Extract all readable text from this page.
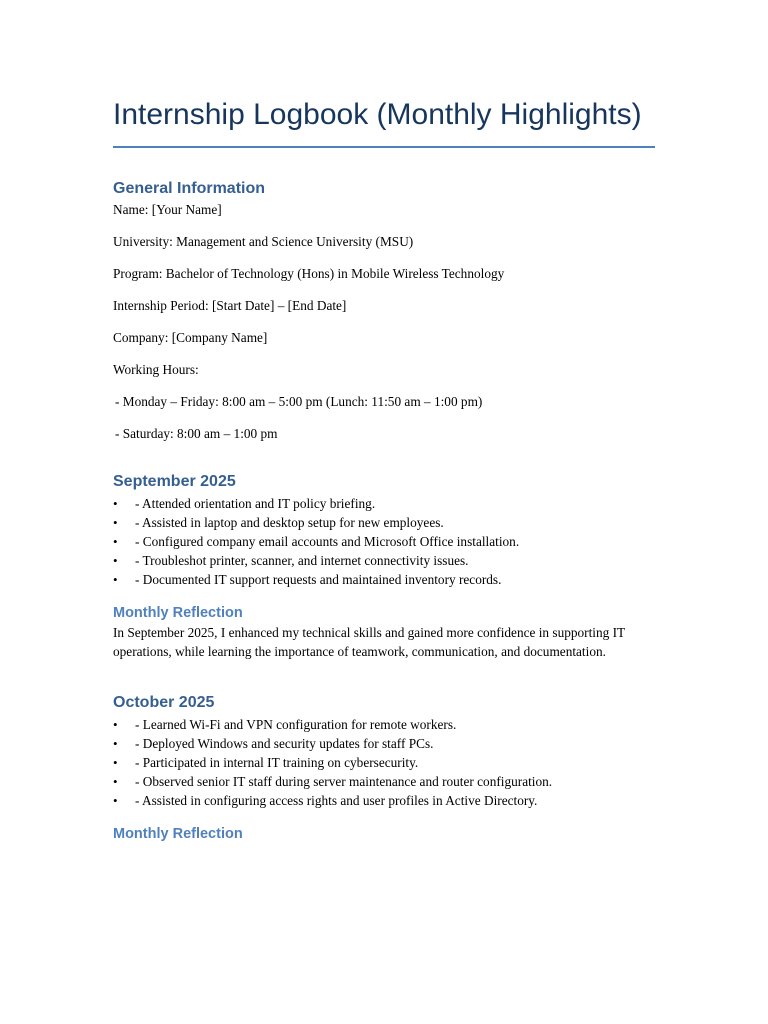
Internship Logbook (Monthly Highlights)
General Information

Name: [Your Name]

University: Management and Science University (MSU)

Program: Bachelor of Technology (Hons) in Mobile Wireless Technology

Internship Period: [Start Date] – [End Date]

Company: [Company Name]

Working Hours:

- Monday – Friday: 8:00 am – 5:00 pm (Lunch: 11:50 am – 1:00 pm)

- Saturday: 8:00 am – 1:00 pm

September 2025
• - Attended orientation and IT policy briefing.
• - Assisted in laptop and desktop setup for new employees.
• - Configured company email accounts and Microsoft Office installation.
• - Troubleshot printer, scanner, and internet connectivity issues.
• - Documented IT support requests and maintained inventory records.
Monthly Reflection

In September 2025, I enhanced my technical skills and gained more confidence in supporting IT operations, while learning the importance of teamwork, communication, and documentation.

October 2025
• - Learned Wi-Fi and VPN configuration for remote workers.
• - Deployed Windows and security updates for staff PCs.
• - Participated in internal IT training on cybersecurity.
• - Observed senior IT staff during server maintenance and router configuration.
• - Assisted in configuring access rights and user profiles in Active Directory.
Monthly Reflection
